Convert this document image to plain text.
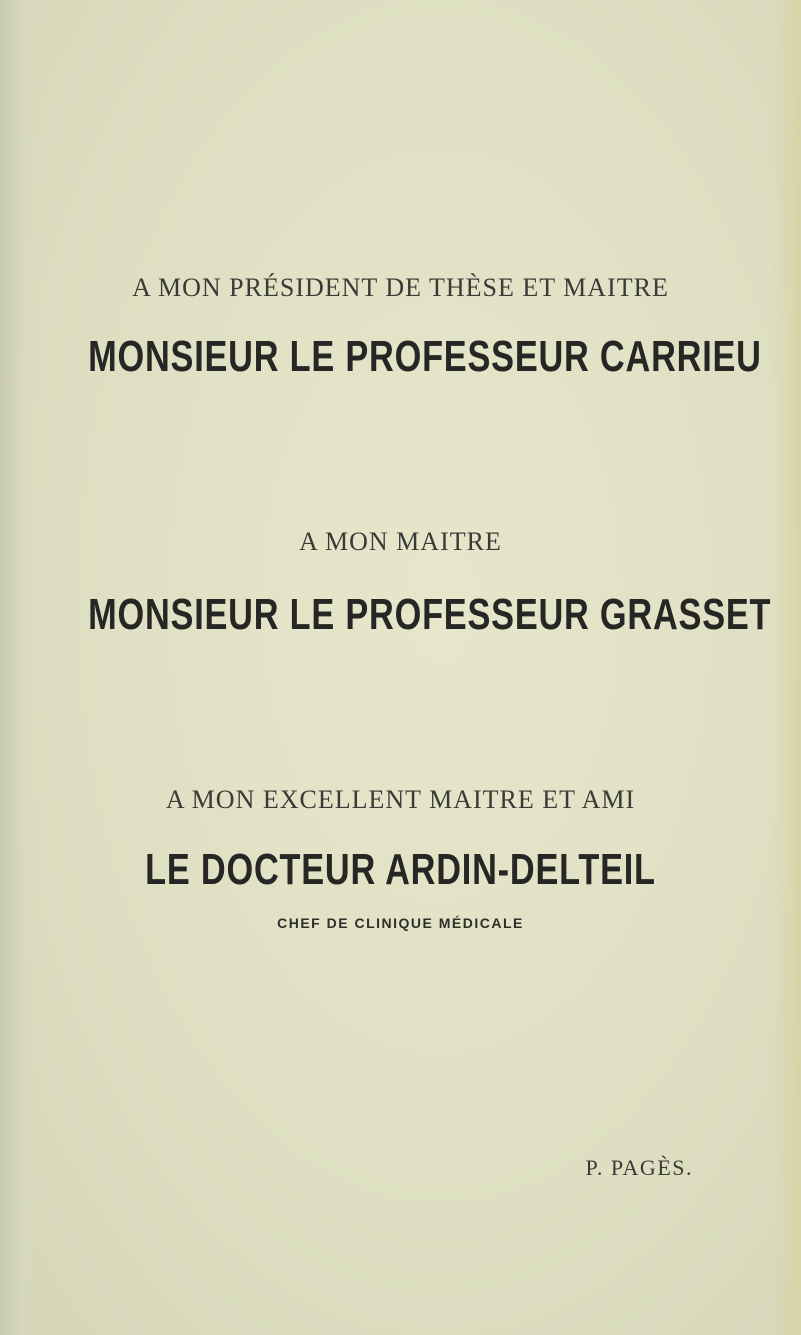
A MON PRÉSIDENT DE THÈSE ET MAITRE

MONSIEUR LE PROFESSEUR CARRIEU

A MON MAITRE

MONSIEUR LE PROFESSEUR GRASSET

A MON EXCELLENT MAITRE ET AMI

LE DOCTEUR ARDIN-DELTEIL

CHEF DE CLINIQUE MÉDICALE

P. PAGÈS.
